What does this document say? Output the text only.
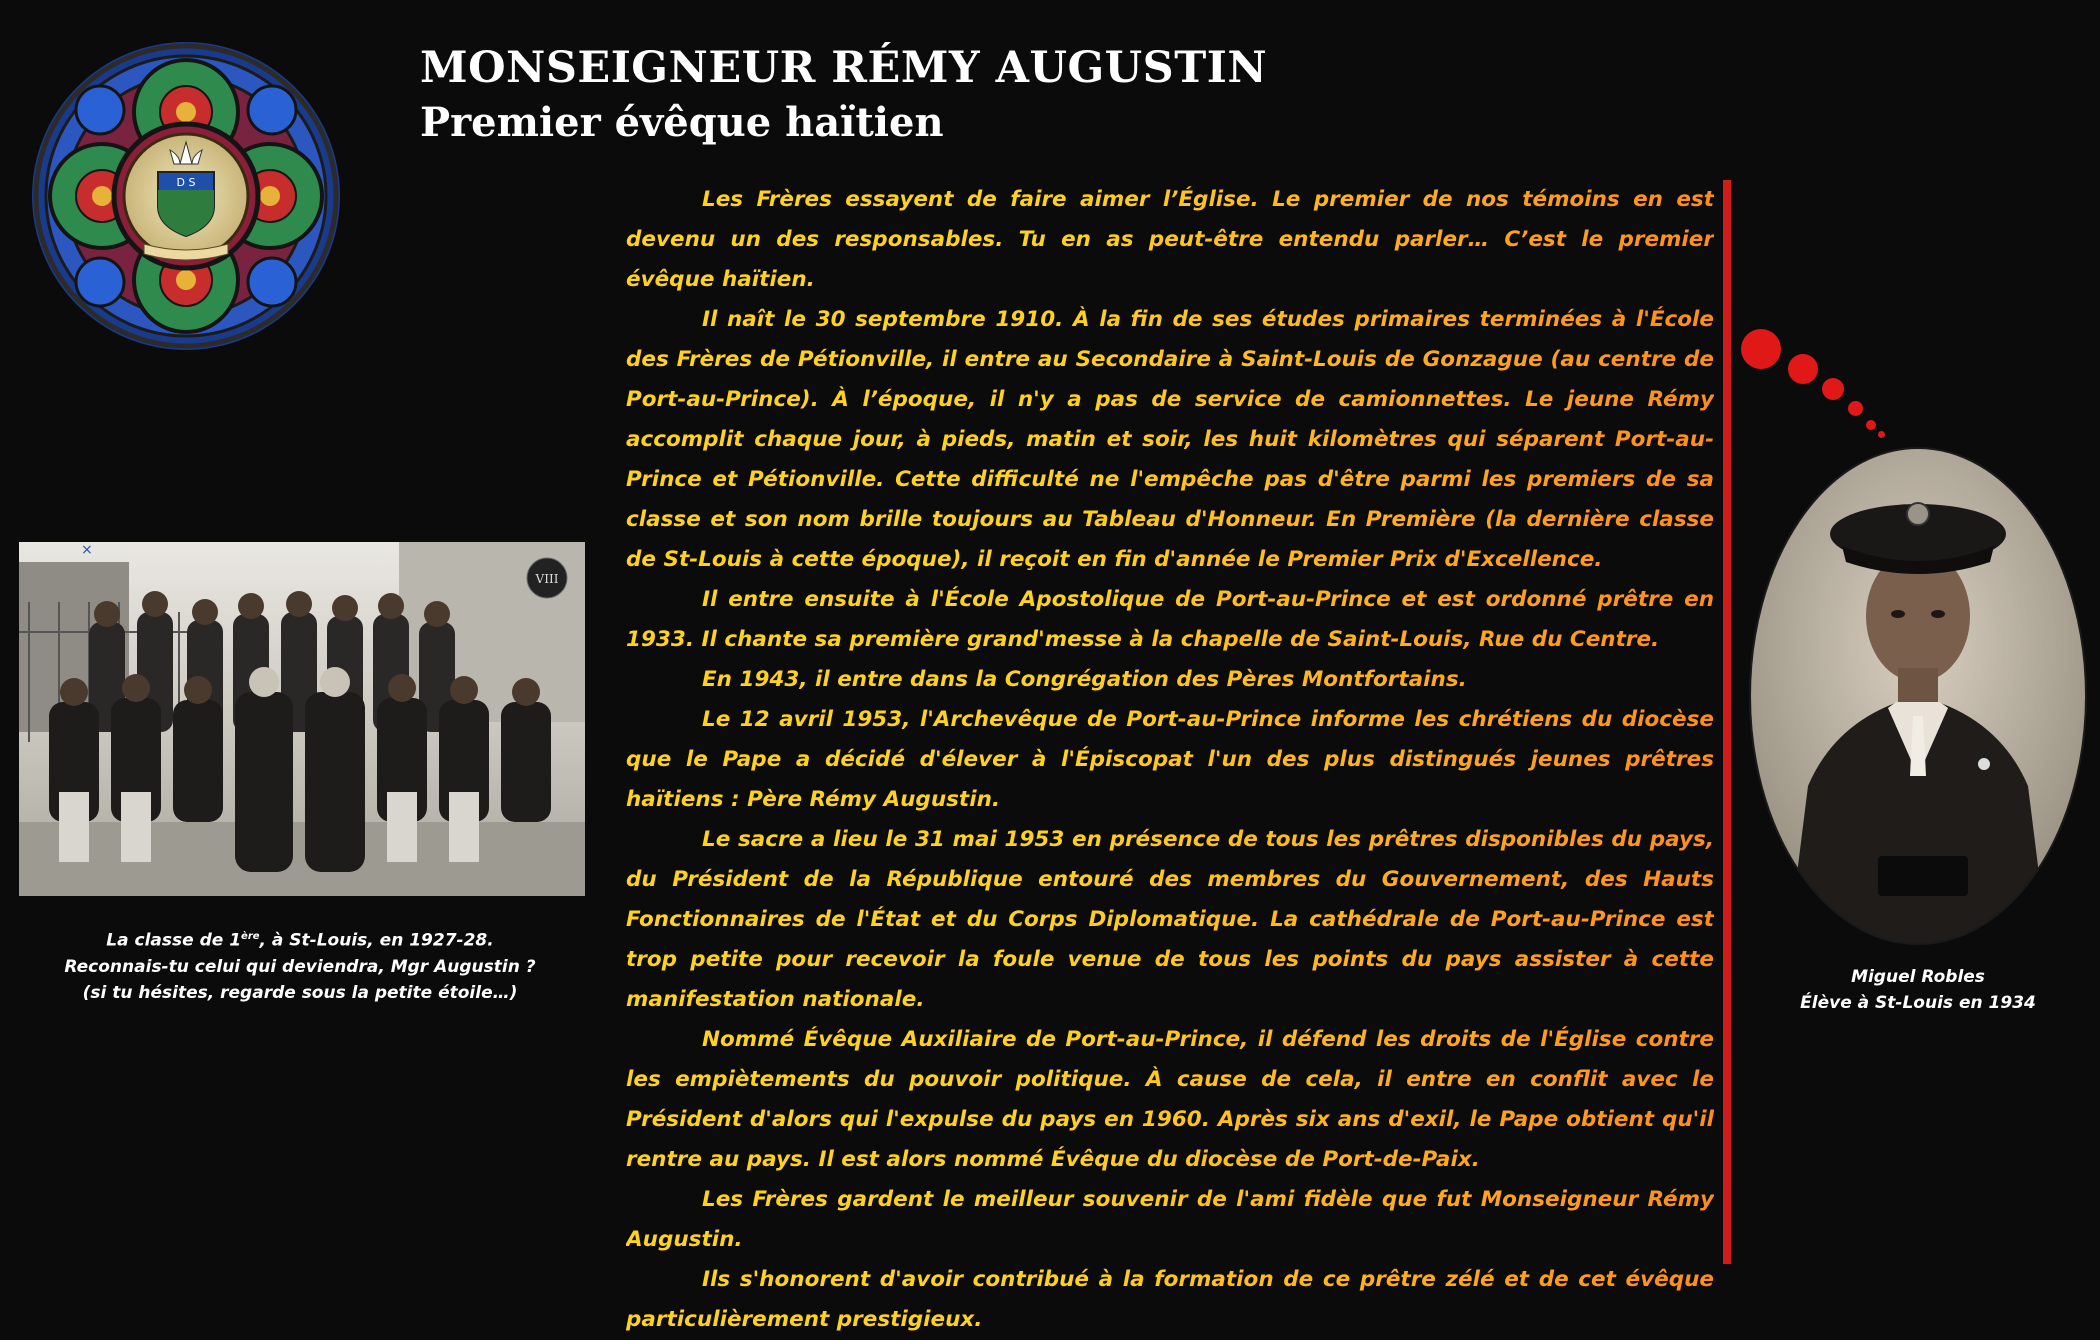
D S
MONSEIGNEUR RÉMY AUGUSTIN
Premier évêque haïtien
×
VIII

La classe de 1ère, à St-Louis, en 1927-28.

Reconnais-tu celui qui deviendra, Mgr Augustin ?

(si tu hésites, regarde sous la petite étoile…)

Les Frères essayent de faire aimer l’Église. Le premier de nos témoins en est devenu un des responsables. Tu en as peut-être entendu parler… C’est le premier évêque haïtien.

Il naît le 30 septembre 1910. À la fin de ses études primaires terminées à l'École des Frères de Pétionville, il entre au Secondaire à Saint-Louis de Gonzague (au centre de Port-au-Prince). À l’époque, il n'y a pas de service de camionnettes. Le jeune Rémy accomplit chaque jour, à pieds, matin et soir, les huit kilomètres qui séparent Port-au-Prince et Pétionville. Cette difficulté ne l'empêche pas d'être parmi les premiers de sa classe et son nom brille toujours au Tableau d'Honneur. En Première (la dernière classe de St-Louis à cette époque), il reçoit en fin d'année le Premier Prix d'Excellence.

Il entre ensuite à l'École Apostolique de Port-au-Prince et est ordonné prêtre en 1933. Il chante sa première grand'messe à la chapelle de Saint-Louis, Rue du Centre.

En 1943, il entre dans la Congrégation des Pères Montfortains.

Le 12 avril 1953, l'Archevêque de Port-au-Prince informe les chrétiens du diocèse que le Pape a décidé d'élever à l'Épiscopat l'un des plus distingués jeunes prêtres haïtiens : Père Rémy Augustin.

Le sacre a lieu le 31 mai 1953 en présence de tous les prêtres disponibles du pays, du Président de la République entouré des membres du Gouvernement, des Hauts Fonctionnaires de l'État et du Corps Diplomatique. La cathédrale de Port-au-Prince est trop petite pour recevoir la foule venue de tous les points du pays assister à cette manifestation nationale.

Nommé Évêque Auxiliaire de Port-au-Prince, il défend les droits de l'Église contre les empiètements du pouvoir politique. À cause de cela, il entre en conflit avec le Président d'alors qui l'expulse du pays en 1960. Après six ans d'exil, le Pape obtient qu'il rentre au pays. Il est alors nommé Évêque du diocèse de Port-de-Paix.

Les Frères gardent le meilleur souvenir de l'ami fidèle que fut Monseigneur Rémy Augustin.

Ils s'honorent d'avoir contribué à la formation de ce prêtre zélé et de cet évêque particulièrement prestigieux.

Miguel Robles

Élève à St-Louis en 1934
